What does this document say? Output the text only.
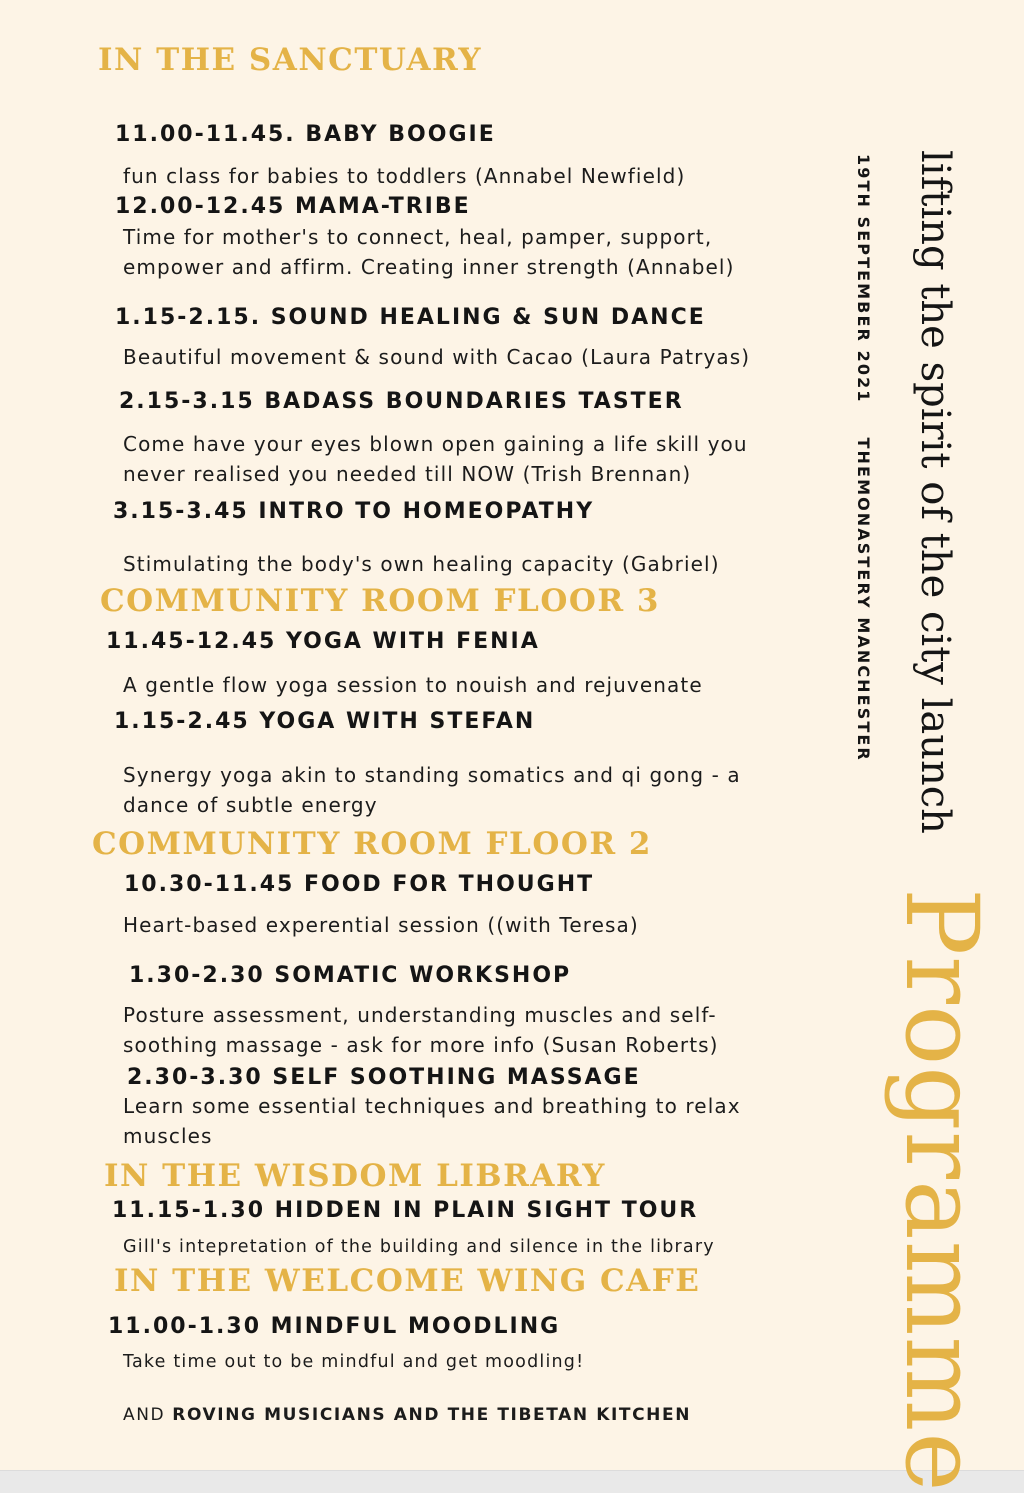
IN THE SANCTUARY
11.00-11.45. BABY BOOGIE
fun class for babies to toddlers (Annabel Newfield)
12.00-12.45 MAMA-TRIBE
Time for mother's to connect, heal, pamper, support,
empower and affirm. Creating inner strength (Annabel)
1.15-2.15. SOUND HEALING & SUN DANCE
Beautiful movement & sound with Cacao (Laura Patryas)
2.15-3.15 BADASS BOUNDARIES TASTER
Come have your eyes blown open gaining a life skill you
never realised you needed till NOW (Trish Brennan)
3.15-3.45 INTRO TO HOMEOPATHY
Stimulating the body's own healing capacity (Gabriel)
COMMUNITY ROOM FLOOR 3
11.45-12.45 YOGA WITH FENIA
A gentle flow yoga session to nouish and rejuvenate
1.15-2.45 YOGA WITH STEFAN
Synergy yoga akin to standing somatics and qi gong - a
dance of subtle energy
COMMUNITY ROOM FLOOR 2
10.30-11.45 FOOD FOR THOUGHT
Heart-based experential session ((with Teresa)
1.30-2.30 SOMATIC WORKSHOP
Posture assessment, understanding muscles and self-
soothing massage - ask for more info (Susan Roberts)
2.30-3.30 SELF SOOTHING MASSAGE
Learn some essential techniques and breathing to relax
muscles
IN THE WISDOM LIBRARY
11.15-1.30 HIDDEN IN PLAIN SIGHT TOUR
Gill's intepretation of the building and silence in the library
IN THE WELCOME WING CAFE
11.00-1.30 MINDFUL MOODLING
Take time out to be mindful and get moodling!
AND ROVING MUSICIANS AND THE TIBETAN KITCHEN
19TH SEPTEMBER 2021THEMONASTERY MANCHESTER lifting the spirit of the city launch
Programme
